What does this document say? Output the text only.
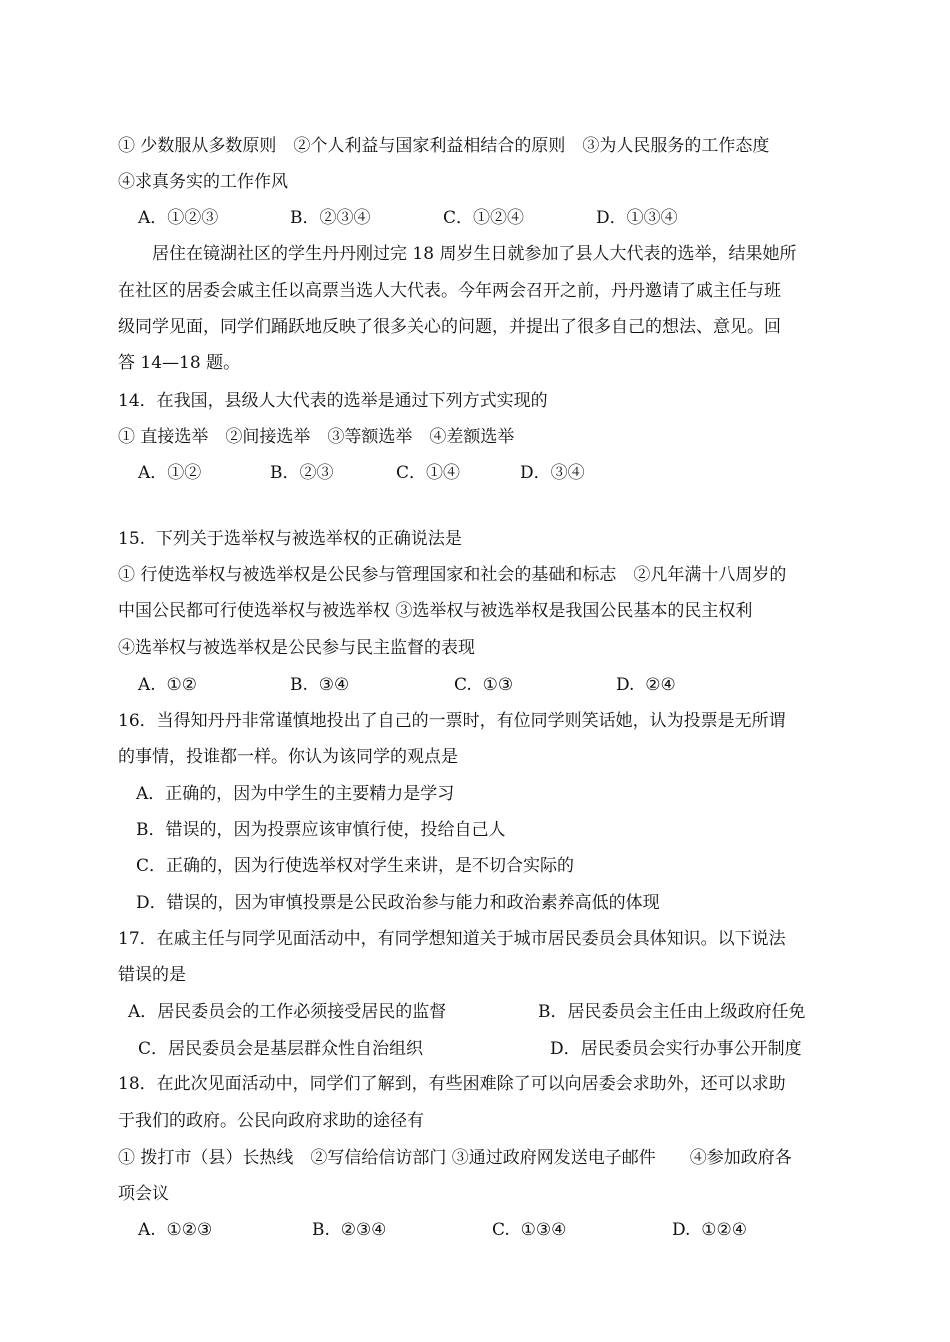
① 少数服从多数原则　②个人利益与国家利益相结合的原则　③为人民服务的工作态度
④求真务实的工作作风
A．①②③	B．②③④	C．①②④	D．①③④
居住在镜湖社区的学生丹丹刚过完 18 周岁生日就参加了县人大代表的选举，结果她所
在社区的居委会戚主任以高票当选人大代表。今年两会召开之前，丹丹邀请了戚主任与班
级同学见面，同学们踊跃地反映了很多关心的问题，并提出了很多自己的想法、意见。回
答 14—18 题。
14．在我国，县级人大代表的选举是通过下列方式实现的
① 直接选举　②间接选举　③等额选举　④差额选举
A．①②	B．②③	C．①④	D．③④
15.  下列关于选举权与被选举权的正确说法是
① 行使选举权与被选举权是公民参与管理国家和社会的基础和标志　②凡年满十八周岁的
中国公民都可行使选举权与被选举权 ③选举权与被选举权是我国公民基本的民主权利
④选举权与被选举权是公民参与民主监督的表现
A.  ①②	B.  ③④	C.  ①③	D.  ②④
16．当得知丹丹非常谨慎地投出了自己的一票时，有位同学则笑话她，认为投票是无所谓
的事情，投谁都一样。你认为该同学的观点是
A．正确的，因为中学生的主要精力是学习
B．错误的，因为投票应该审慎行使，投给自己人
C．正确的，因为行使选举权对学生来讲，是不切合实际的
D．错误的，因为审慎投票是公民政治参与能力和政治素养高低的体现
17．在戚主任与同学见面活动中，有同学想知道关于城市居民委员会具体知识。以下说法
错误的是
A．居民委员会的工作必须接受居民的监督	B．居民委员会主任由上级政府任免
C．居民委员会是基层群众性自治组织	D．居民委员会实行办事公开制度
18．在此次见面活动中，同学们了解到，有些困难除了可以向居委会求助外，还可以求助
于我们的政府。公民向政府求助的途径有
① 拨打市（县）长热线　②写信给信访部门 ③通过政府网发送电子邮件　　④参加政府各
项会议
A.  ①②③	B.  ②③④	C.  ①③④	D.  ①②④
